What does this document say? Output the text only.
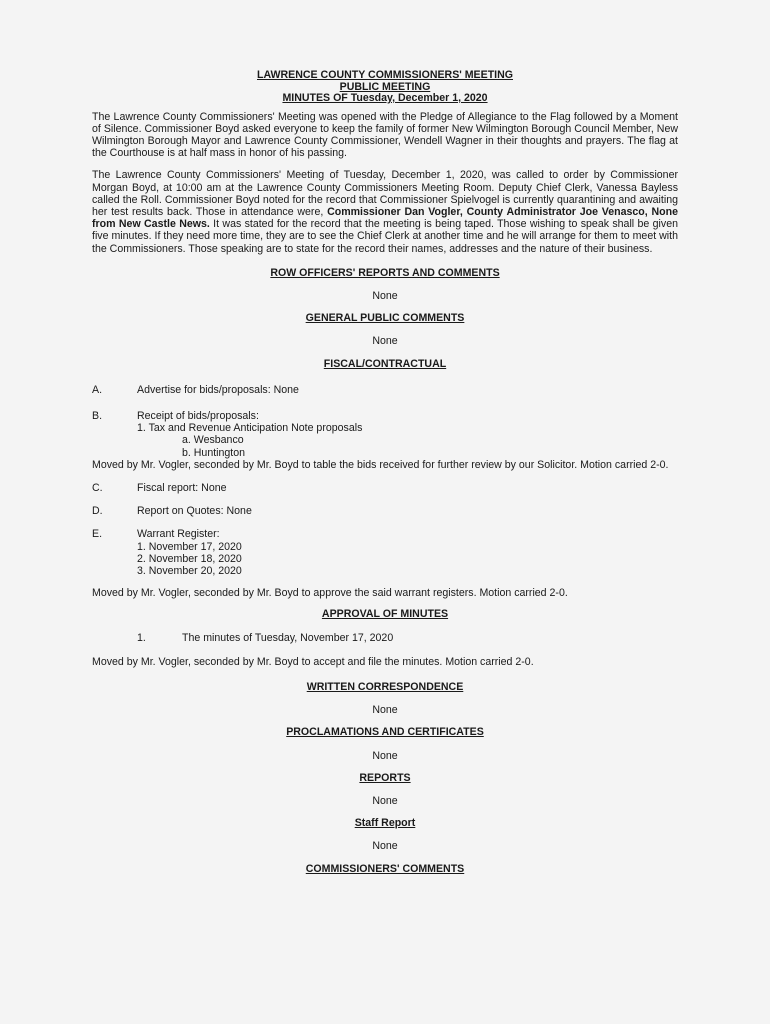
LAWRENCE COUNTY COMMISSIONERS' MEETING
PUBLIC MEETING
MINUTES OF Tuesday, December 1, 2020

The Lawrence County Commissioners' Meeting was opened with the Pledge of Allegiance to the Flag followed by a Moment of Silence. Commissioner Boyd asked everyone to keep the family of former New Wilmington Borough Council Member, New Wilmington Borough Mayor and Lawrence County Commissioner, Wendell Wagner in their thoughts and prayers. The flag at the Courthouse is at half mass in honor of his passing.

The Lawrence County Commissioners' Meeting of Tuesday, December 1, 2020, was called to order by Commissioner Morgan Boyd, at 10:00 am at the Lawrence County Commissioners Meeting Room. Deputy Chief Clerk, Vanessa Bayless called the Roll. Commissioner Boyd noted for the record that Commissioner Spielvogel is currently quarantining and awaiting her test results back. Those in attendance were, Commissioner Dan Vogler, County Administrator Joe Venasco, None from New Castle News. It was stated for the record that the meeting is being taped. Those wishing to speak shall be given five minutes. If they need more time, they are to see the Chief Clerk at another time and he will arrange for them to meet with the Commissioners. Those speaking are to state for the record their names, addresses and the nature of their business.

ROW OFFICERS' REPORTS AND COMMENTS
None
GENERAL PUBLIC COMMENTS
None
FISCAL/CONTRACTUAL
A.	Advertise for bids/proposals: None
B.	Receipt of bids/proposals:
1. Tax and Revenue Anticipation Note proposals
a. Wesbanco
b. Huntington

Moved by Mr. Vogler, seconded by Mr. Boyd to table the bids received for further review by our Solicitor. Motion carried 2-0.

C.	Fiscal report: None
D.	Report on Quotes: None
E.	Warrant Register:
1. November 17, 2020
2. November 18, 2020
3. November 20, 2020

Moved by Mr. Vogler, seconded by Mr. Boyd to approve the said warrant registers. Motion carried 2-0.

APPROVAL OF MINUTES
1.	The minutes of Tuesday, November 17, 2020

Moved by Mr. Vogler, seconded by Mr. Boyd to accept and file the minutes. Motion carried 2-0.

WRITTEN CORRESPONDENCE
None
PROCLAMATIONS AND CERTIFICATES
None
REPORTS
None
Staff Report
None
COMMISSIONERS' COMMENTS
